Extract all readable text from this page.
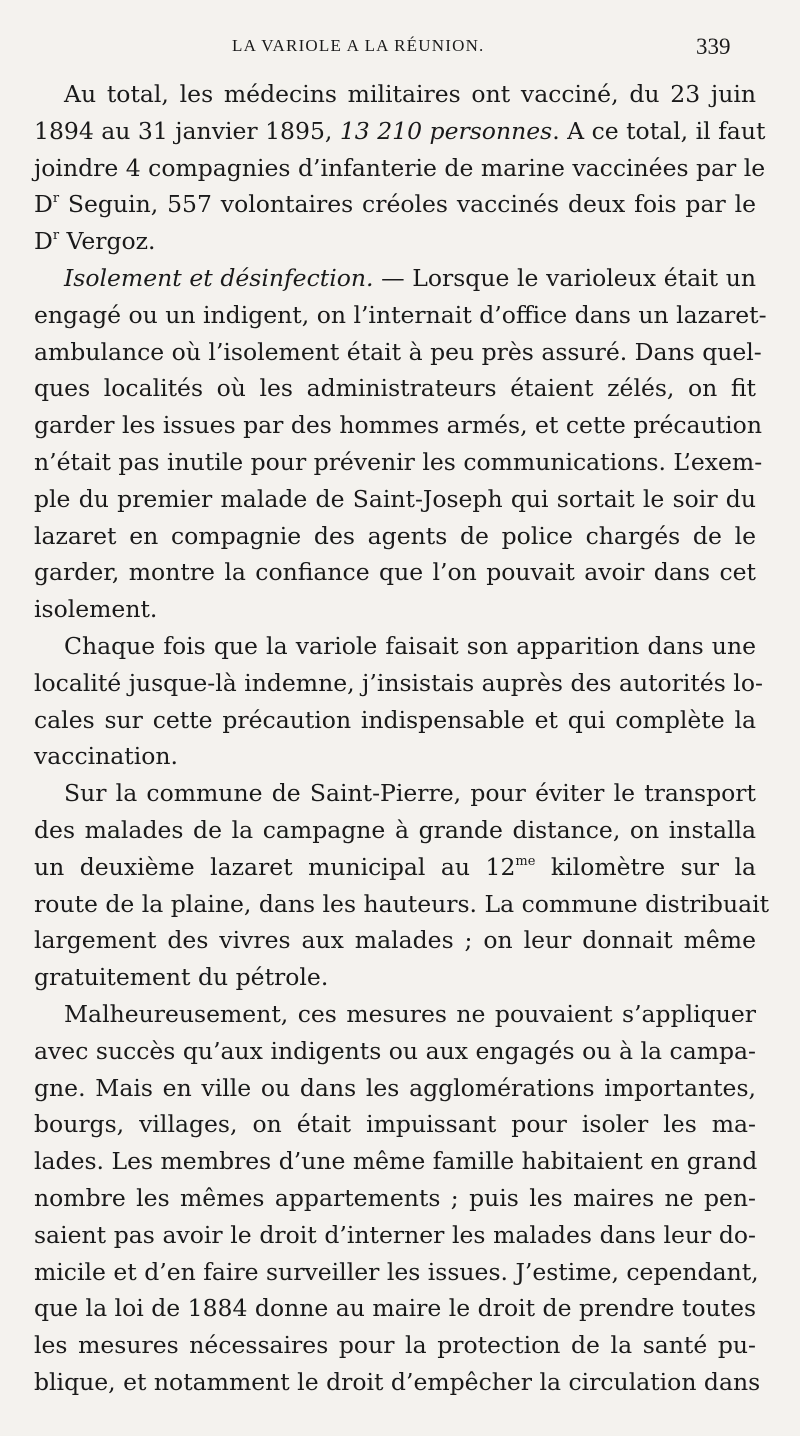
LA VARIOLE A LA RÉUNION.	339
Au total, les médecins militaires ont vacciné, du 23 juin
1894 au 31 janvier 1895, 13 210 personnes. A ce total, il faut
joindre 4 compagnies d’infanterie de marine vaccinées par le
$D^r$ Seguin, 557 volontaires créoles vaccinés deux fois par le
$D^r$ Vergoz.
Isolement et désinfection. — Lorsque le varioleux était un
engagé ou un indigent, on l’internait d’office dans un lazaret-
ambulance où l’isolement était à peu près assuré. Dans quel-
ques localités où les administrateurs étaient zélés, on fit
garder les issues par des hommes armés, et cette précaution
n’était pas inutile pour prévenir les communications. L’exem-
ple du premier malade de Saint-Joseph qui sortait le soir du
lazaret en compagnie des agents de police chargés de le
garder, montre la confiance que l’on pouvait avoir dans cet
isolement.
Chaque fois que la variole faisait son apparition dans une
localité jusque-là indemne, j’insistais auprès des autorités lo-
cales sur cette précaution indispensable et qui complète la
vaccination.
Sur la commune de Saint-Pierre, pour éviter le transport
des malades de la campagne à grande distance, on installa
un deuxième lazaret municipal au $12^{me}$ kilomètre sur la
route de la plaine, dans les hauteurs. La commune distribuait
largement des vivres aux malades ; on leur donnait même
gratuitement du pétrole.
Malheureusement, ces mesures ne pouvaient s’appliquer
avec succès qu’aux indigents ou aux engagés ou à la campa-
gne. Mais en ville ou dans les agglomérations importantes,
bourgs, villages, on était impuissant pour isoler les ma-
lades. Les membres d’une même famille habitaient en grand
nombre les mêmes appartements ; puis les maires ne pen-
saient pas avoir le droit d’interner les malades dans leur do-
micile et d’en faire surveiller les issues. J’estime, cependant,
que la loi de 1884 donne au maire le droit de prendre toutes
les mesures nécessaires pour la protection de la santé pu-
blique, et notamment le droit d’empêcher la circulation dans
